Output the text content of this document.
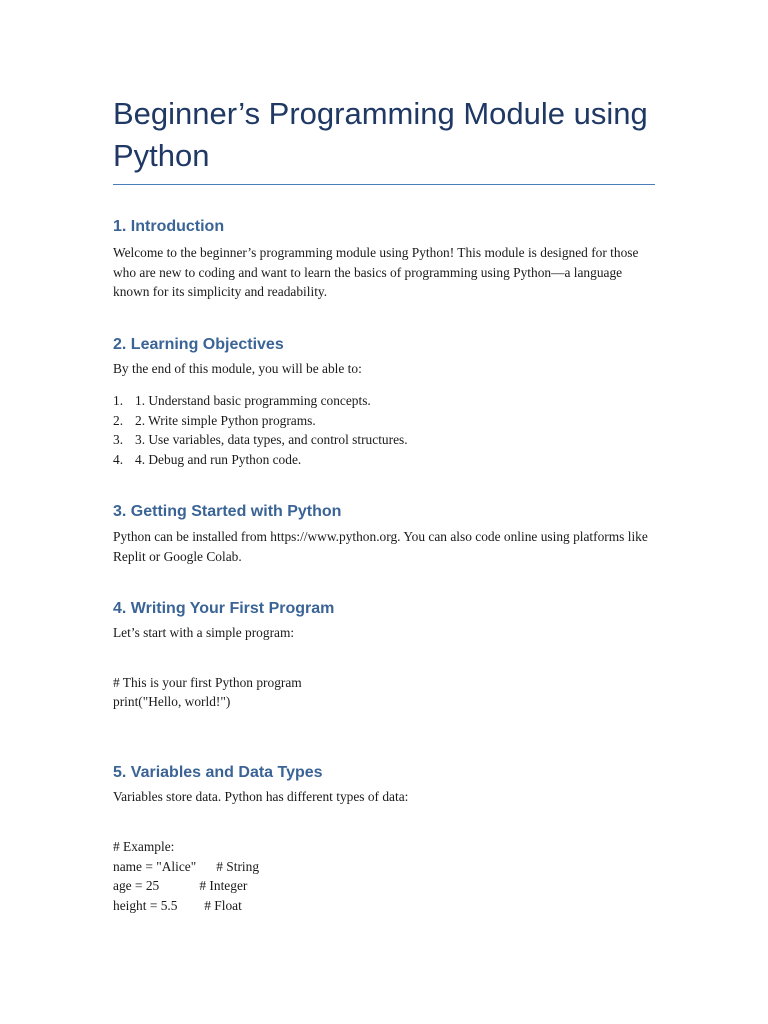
Beginner’s Programming Module using Python
1. Introduction

Welcome to the beginner’s programming module using Python! This module is designed for those who are new to coding and want to learn the basics of programming using Python—a language known for its simplicity and readability.

2. Learning Objectives

By the end of this module, you will be able to:

1. 1. Understand basic programming concepts.
2. 2. Write simple Python programs.
3. 3. Use variables, data types, and control structures.
4. 4. Debug and run Python code.
3. Getting Started with Python

Python can be installed from https://www.python.org. You can also code online using platforms like Replit or Google Colab.

4. Writing Your First Program

Let’s start with a simple program:

# This is your first Python program
print("Hello, world!")
5. Variables and Data Types

Variables store data. Python has different types of data:

# Example:
name = "Alice"      # String
age = 25            # Integer
height = 5.5        # Float
